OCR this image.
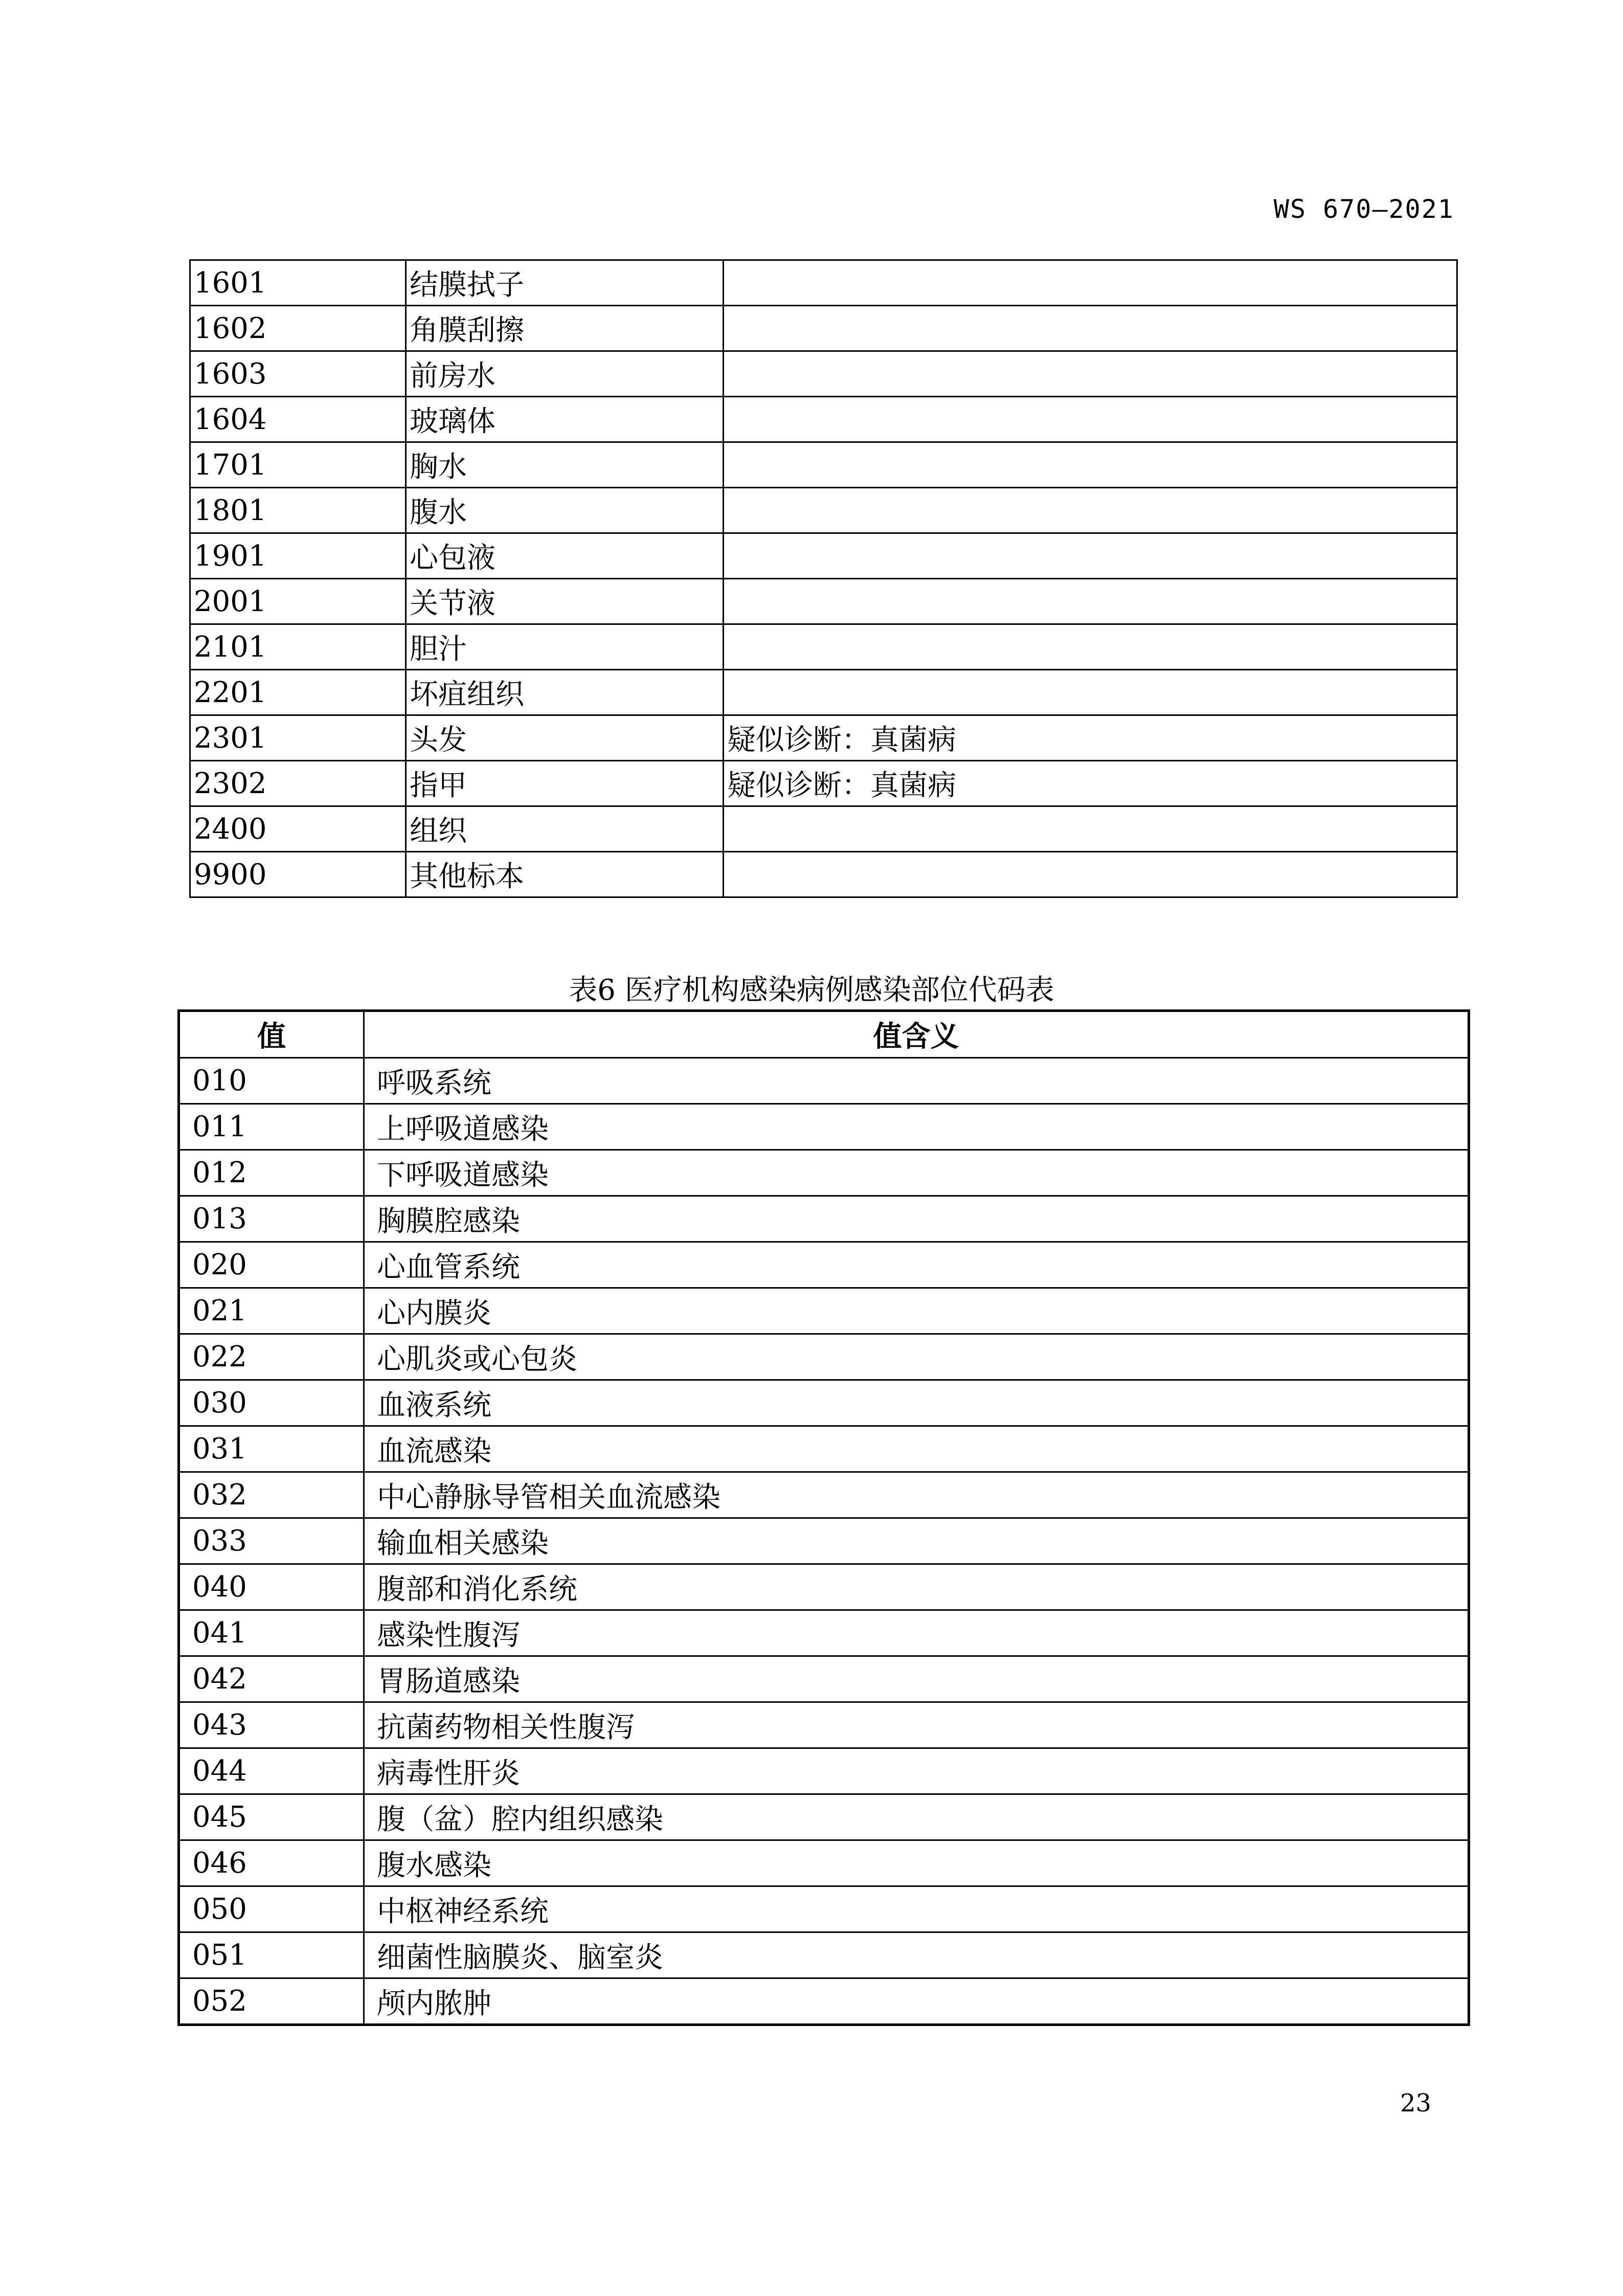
WS 670—2021
1601	结膜拭子	
1602	角膜刮擦	
1603	前房水	
1604	玻璃体	
1701	胸水	
1801	腹水	
1901	心包液	
2001	关节液	
2101	胆汁	
2201	坏疽组织	
2301	头发	疑似诊断：真菌病
2302	指甲	疑似诊断：真菌病
2400	组织	
9900	其他标本	
表6 医疗机构感染病例感染部位代码表
值	值含义
010	呼吸系统
011	上呼吸道感染
012	下呼吸道感染
013	胸膜腔感染
020	心血管系统
021	心内膜炎
022	心肌炎或心包炎
030	血液系统
031	血流感染
032	中心静脉导管相关血流感染
033	输血相关感染
040	腹部和消化系统
041	感染性腹泻
042	胃肠道感染
043	抗菌药物相关性腹泻
044	病毒性肝炎
045	腹（盆）腔内组织感染
046	腹水感染
050	中枢神经系统
051	细菌性脑膜炎、脑室炎
052	颅内脓肿
23
